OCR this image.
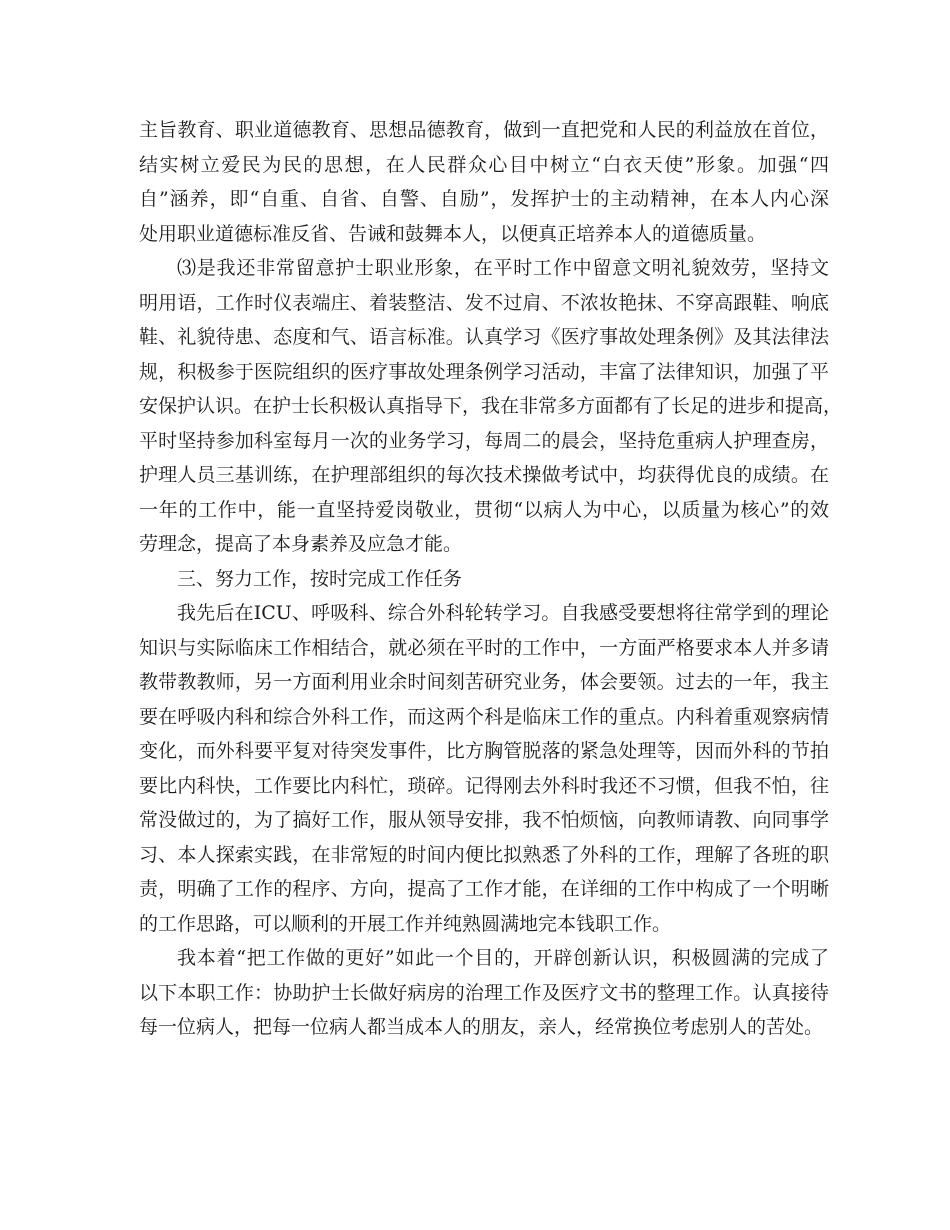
主旨教育、职业道德教育、思想品德教育，做到一直把党和人民的利益放在首位，
结实树立爱民为民的思想，在人民群众心目中树立“白衣天使”形象。加强“四
自”涵养，即“自重、自省、自警、自励”，发挥护士的主动精神，在本人内心深
处用职业道德标准反省、告诫和鼓舞本人，以便真正培养本人的道德质量。
⑶是我还非常留意护士职业形象，在平时工作中留意文明礼貌效劳，坚持文
明用语，工作时仪表端庄、着装整洁、发不过肩、不浓妆艳抹、不穿高跟鞋、响底
鞋、礼貌待患、态度和气、语言标准。认真学习《医疗事故处理条例》及其法律法
规，积极参于医院组织的医疗事故处理条例学习活动，丰富了法律知识，加强了平
安保护认识。在护士长积极认真指导下，我在非常多方面都有了长足的进步和提高，
平时坚持参加科室每月一次的业务学习，每周二的晨会，坚持危重病人护理查房，
护理人员三基训练，在护理部组织的每次技术操做考试中，均获得优良的成绩。在
一年的工作中，能一直坚持爱岗敬业，贯彻“以病人为中心，以质量为核心”的效
劳理念，提高了本身素养及应急才能。
三、努力工作，按时完成工作任务
我先后在ICU、呼吸科、综合外科轮转学习。自我感受要想将往常学到的理论
知识与实际临床工作相结合，就必须在平时的工作中，一方面严格要求本人并多请
教带教教师，另一方面利用业余时间刻苦研究业务，体会要领。过去的一年，我主
要在呼吸内科和综合外科工作，而这两个科是临床工作的重点。内科着重观察病情
变化，而外科要平复对待突发事件，比方胸管脱落的紧急处理等，因而外科的节拍
要比内科快，工作要比内科忙，琐碎。记得刚去外科时我还不习惯，但我不怕，往
常没做过的，为了搞好工作，服从领导安排，我不怕烦恼，向教师请教、向同事学
习、本人探索实践，在非常短的时间内便比拟熟悉了外科的工作，理解了各班的职
责，明确了工作的程序、方向，提高了工作才能，在详细的工作中构成了一个明晰
的工作思路，可以顺利的开展工作并纯熟圆满地完本钱职工作。
我本着“把工作做的更好”如此一个目的，开辟创新认识，积极圆满的完成了
以下本职工作：协助护士长做好病房的治理工作及医疗文书的整理工作。认真接待
每一位病人，把每一位病人都当成本人的朋友，亲人，经常换位考虑别人的苦处。
